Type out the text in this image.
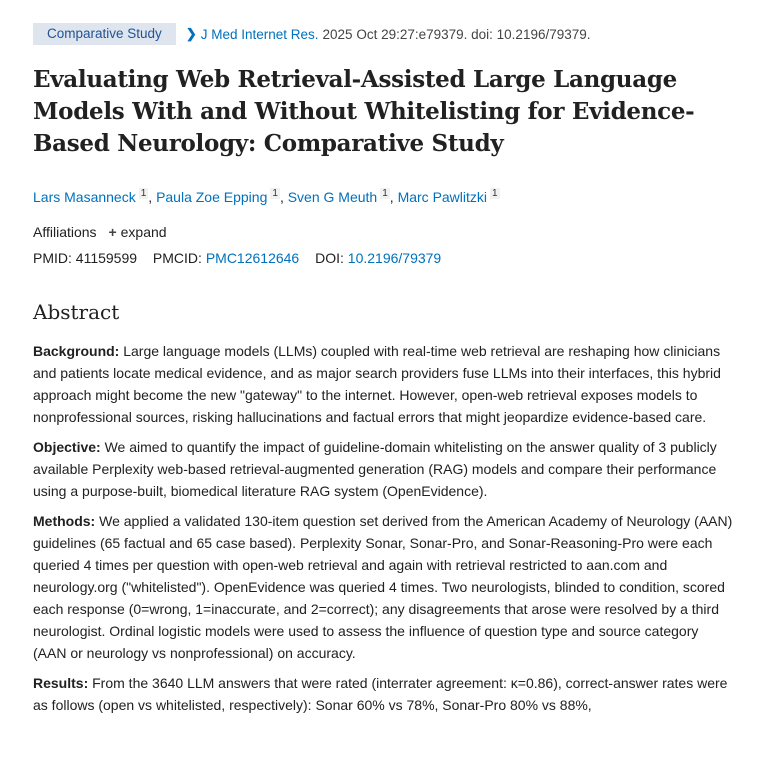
Comparative Study	❯ J Med Internet Res. 2025 Oct 29:27:e79379. doi: 10.2196/79379.
Evaluating Web Retrieval-Assisted Large Language Models With and Without Whitelisting for Evidence-Based Neurology: Comparative Study
Lars Masanneck 1 , Paula Zoe Epping 1 , Sven G Meuth 1 , Marc Pawlitzki 1
Affiliations + expand
PMID: 41159599 PMCID: PMC12612646 DOI: 10.2196/79379
Abstract

Background: Large language models (LLMs) coupled with real-time web retrieval are reshaping how clinicians and patients locate medical evidence, and as major search providers fuse LLMs into their interfaces, this hybrid approach might become the new "gateway" to the internet. However, open-web retrieval exposes models to nonprofessional sources, risking hallucinations and factual errors that might jeopardize evidence-based care.

Objective: We aimed to quantify the impact of guideline-domain whitelisting on the answer quality of 3 publicly available Perplexity web-based retrieval-augmented generation (RAG) models and compare their performance using a purpose-built, biomedical literature RAG system (OpenEvidence).

Methods: We applied a validated 130-item question set derived from the American Academy of Neurology (AAN) guidelines (65 factual and 65 case based). Perplexity Sonar, Sonar-Pro, and Sonar-Reasoning-Pro were each queried 4 times per question with open-web retrieval and again with retrieval restricted to aan.com and neurology.org ("whitelisted"). OpenEvidence was queried 4 times. Two neurologists, blinded to condition, scored each response (0=wrong, 1=inaccurate, and 2=correct); any disagreements that arose were resolved by a third neurologist. Ordinal logistic models were used to assess the influence of question type and source category (AAN or neurology vs nonprofessional) on accuracy.

Results: From the 3640 LLM answers that were rated (interrater agreement: κ=0.86), correct-answer rates were as follows (open vs whitelisted, respectively): Sonar 60% vs 78%, Sonar-Pro 80% vs 88%,
